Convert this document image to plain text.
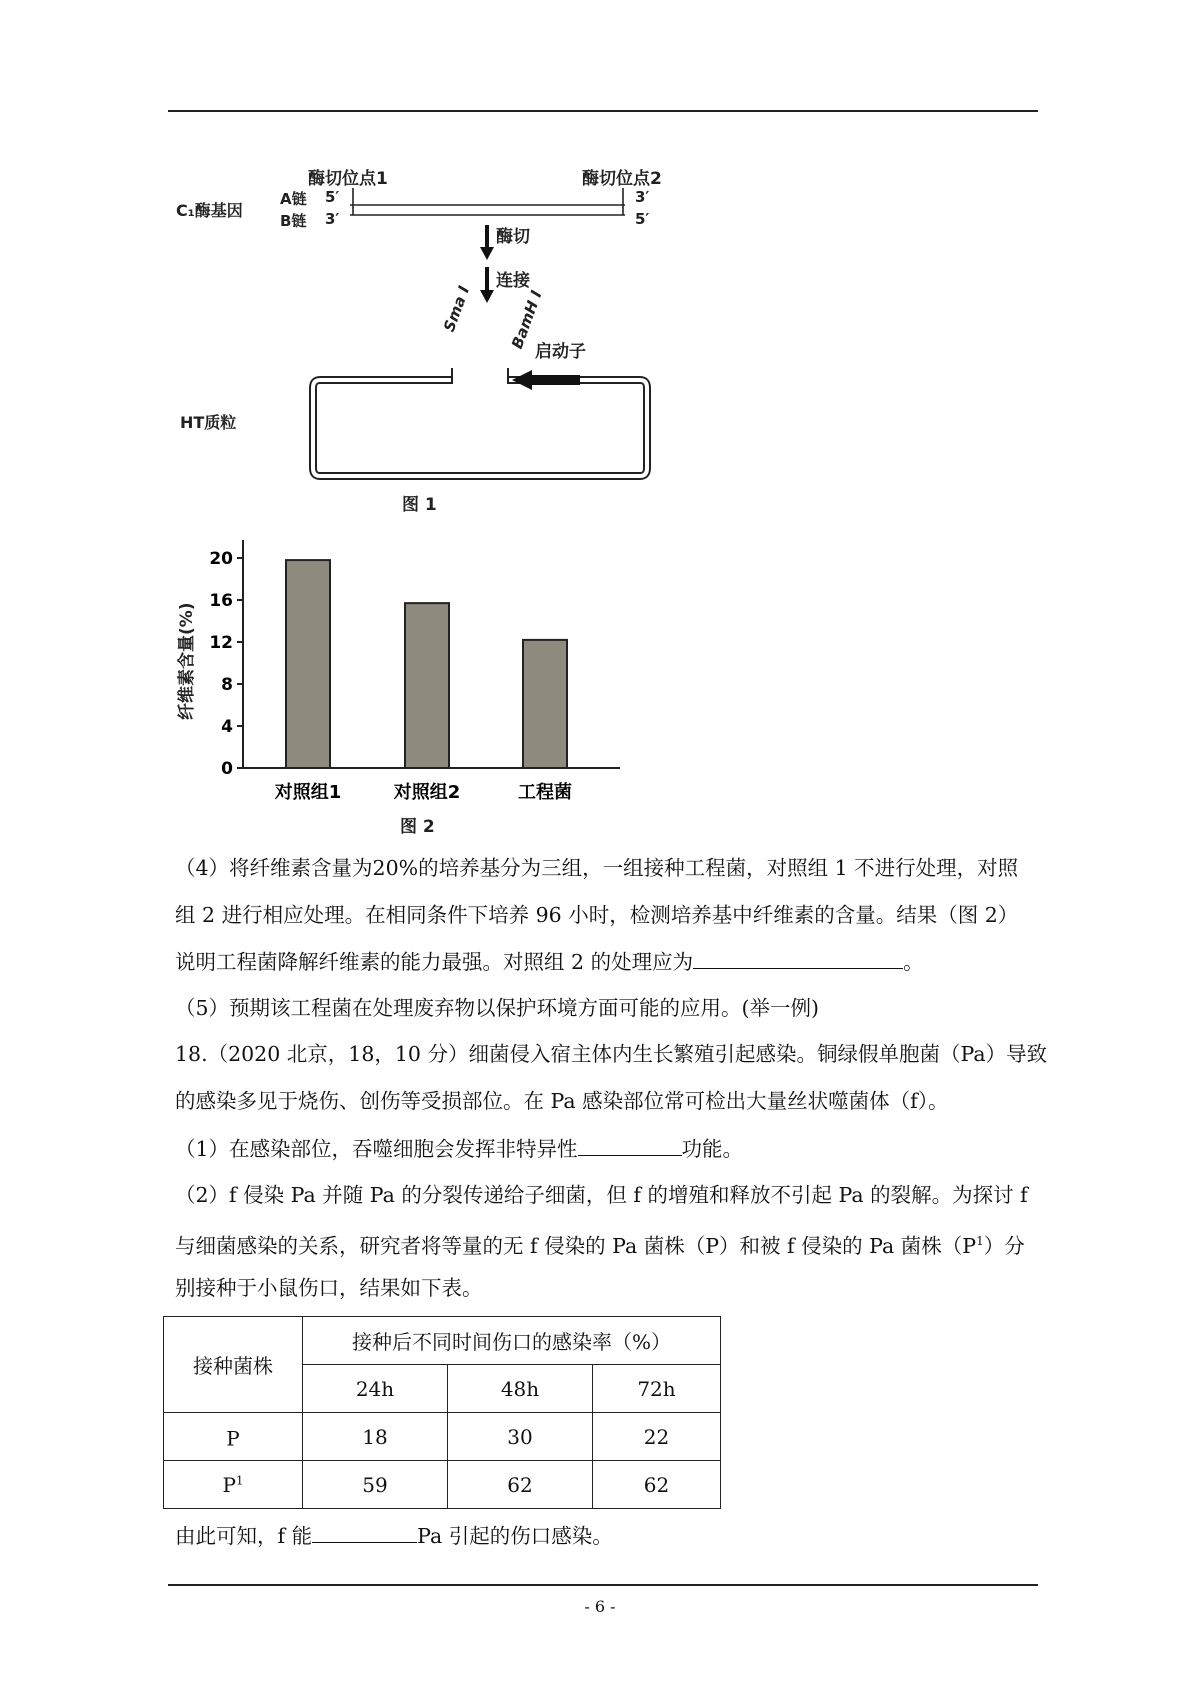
酶切位点1	酶切位点2
C₁酶基因
A链
B链
5′
3′
3′
5′
酶切
连接
Sma I BamH I
启动子
HT质粒
图 1
0
4
8
12
16
20
对照组1	对照组2	工程菌
纤维素含量(%)
图 2
（4）将纤维素含量为20%的培养基分为三组，一组接种工程菌，对照组 1 不进行处理，对照
组 2 进行相应处理。在相同条件下培养 96 小时，检测培养基中纤维素的含量。结果（图 2）
说明工程菌降解纤维素的能力最强。对照组 2 的处理应为	。
（5）预期该工程菌在处理废弃物以保护环境方面可能的应用。(举一例)
18.（2020 北京，18，10 分）细菌侵入宿主体内生长繁殖引起感染。铜绿假单胞菌（Pa）导致
的感染多见于烧伤、创伤等受损部位。在 Pa 感染部位常可检出大量丝状噬菌体（f）。
（1）在感染部位，吞噬细胞会发挥非特异性	功能。
（2）f 侵染 Pa 并随 Pa 的分裂传递给子细菌，但 f 的增殖和释放不引起 Pa 的裂解。为探讨 f
与细菌感染的关系，研究者将等量的无 f 侵染的 Pa 菌株（P）和被 f 侵染的 Pa 菌株$(P^1)$分
别接种于小鼠伤口，结果如下表。
接种菌株	接种后不同时间伤口的感染率（%）		
	24h	48h	72h
P	18	30	22
$P^1$	59	62	62
由此可知，f 能	Pa 引起的伤口感染。
- 6 -
